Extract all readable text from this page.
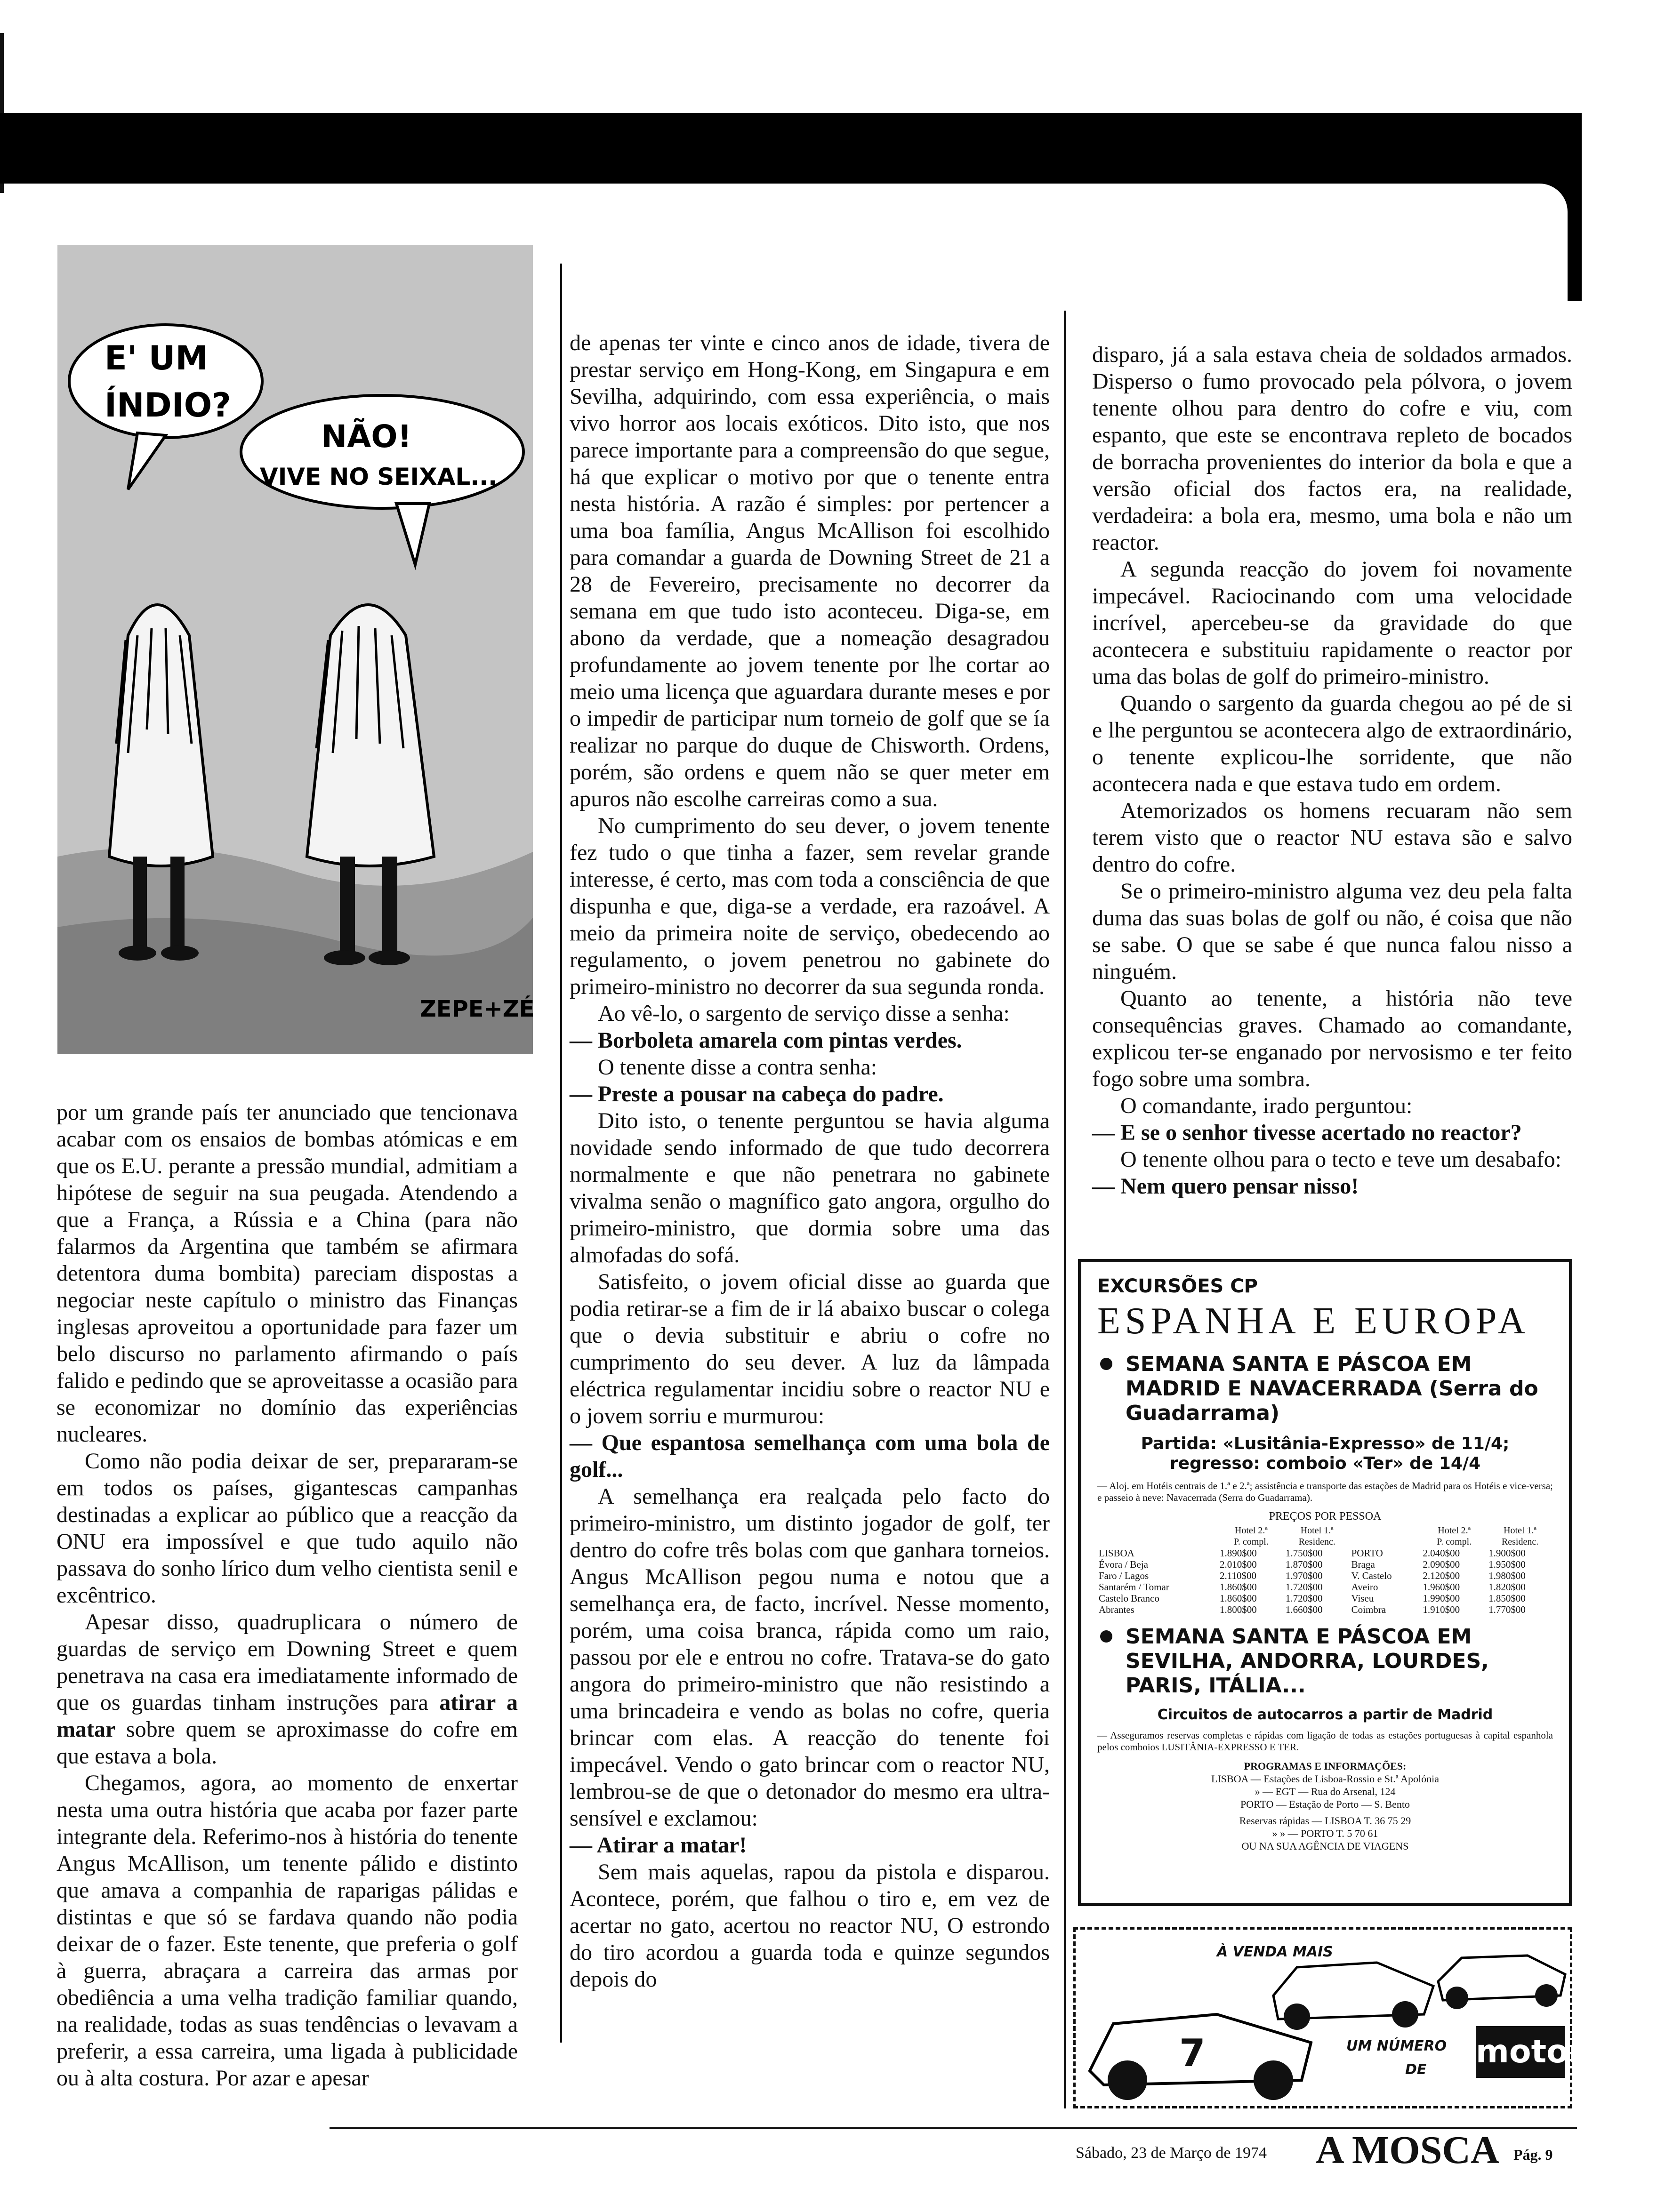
E' UM
ÍNDIO?
NÃO!
VIVE NO SEIXAL...
ZEPE+ZÉ

por um grande país ter anunciado que tencionava acabar com os ensaios de bombas atómicas e em que os E.U. perante a pressão mundial, admitiam a hipótese de seguir na sua peugada. Atendendo a que a França, a Rússia e a China (para não falarmos da Argentina que também se afirmara detentora duma bombita) pareciam dispostas a negociar neste capítulo o ministro das Finanças inglesas aproveitou a oportunidade para fazer um belo discurso no parlamento afirmando o país falido e pedindo que se aproveitasse a ocasião para se economizar no domínio das experiências nucleares.

Como não podia deixar de ser, prepararam-se em todos os países, gigantescas campanhas destinadas a explicar ao público que a reacção da ONU era impossível e que tudo aquilo não passava do sonho lírico dum velho cientista senil e excêntrico.

Apesar disso, quadruplicara o número de guardas de serviço em Downing Street e quem penetrava na casa era imediatamente informado de que os guardas tinham instruções para atirar a matar sobre quem se aproximasse do cofre em que estava a bola.

Chegamos, agora, ao momento de enxertar nesta uma outra história que acaba por fazer parte integrante dela. Referimo-nos à história do tenente Angus McAllison, um tenente pálido e distinto que amava a companhia de raparigas pálidas e distintas e que só se fardava quando não podia deixar de o fazer. Este tenente, que preferia o golf à guerra, abraçara a carreira das armas por obediência a uma velha tradição familiar quando, na realidade, todas as suas tendências o levavam a preferir, a essa carreira, uma ligada à publicidade ou à alta costura. Por azar e apesar

de apenas ter vinte e cinco anos de idade, tivera de prestar serviço em Hong-Kong, em Singapura e em Sevilha, adquirindo, com essa experiência, o mais vivo horror aos locais exóticos. Dito isto, que nos parece importante para a compreensão do que segue, há que explicar o motivo por que o tenente entra nesta história. A razão é simples: por pertencer a uma boa família, Angus McAllison foi escolhido para comandar a guarda de Downing Street de 21 a 28 de Fevereiro, precisamente no decorrer da semana em que tudo isto aconteceu. Diga-se, em abono da verdade, que a nomeação desagradou profundamente ao jovem tenente por lhe cortar ao meio uma licença que aguardara durante meses e por o impedir de participar num torneio de golf que se ía realizar no parque do duque de Chisworth. Ordens, porém, são ordens e quem não se quer meter em apuros não escolhe carreiras como a sua.

No cumprimento do seu dever, o jovem tenente fez tudo o que tinha a fazer, sem revelar grande interesse, é certo, mas com toda a consciência de que dispunha e que, diga-se a verdade, era razoável. A meio da primeira noite de serviço, obedecendo ao regulamento, o jovem penetrou no gabinete do primeiro-ministro no decorrer da sua segunda ronda.

Ao vê-lo, o sargento de serviço disse a senha:

— Borboleta amarela com pintas verdes.

O tenente disse a contra senha:

— Preste a pousar na cabeça do padre.

Dito isto, o tenente perguntou se havia alguma novidade sendo informado de que tudo decorrera normalmente e que não penetrara no gabinete vivalma senão o magnífico gato angora, orgulho do primeiro-ministro, que dormia sobre uma das almofadas do sofá.

Satisfeito, o jovem oficial disse ao guarda que podia retirar-se a fim de ir lá abaixo buscar o colega que o devia substituir e abriu o cofre no cumprimento do seu dever. A luz da lâmpada eléctrica regulamentar incidiu sobre o reactor NU e o jovem sorriu e murmurou:

— Que espantosa semelhança com uma bola de golf...

A semelhança era realçada pelo facto do primeiro-ministro, um distinto jogador de golf, ter dentro do cofre três bolas com que ganhara torneios. Angus McAllison pegou numa e notou que a semelhança era, de facto, incrível. Nesse momento, porém, uma coisa branca, rápida como um raio, passou por ele e entrou no cofre. Tratava-se do gato angora do primeiro-ministro que não resistindo a uma brincadeira e vendo as bolas no cofre, queria brincar com elas. A reacção do tenente foi impecável. Vendo o gato brincar com o reactor NU, lembrou-se de que o detonador do mesmo era ultra-sensível e exclamou:

— Atirar a matar!

Sem mais aquelas, rapou da pistola e disparou. Acontece, porém, que falhou o tiro e, em vez de acertar no gato, acertou no reactor NU, O estrondo do tiro acordou a guarda toda e quinze segundos depois do

disparo, já a sala estava cheia de soldados armados. Disperso o fumo provocado pela pólvora, o jovem tenente olhou para dentro do cofre e viu, com espanto, que este se encontrava repleto de bocados de borracha provenientes do interior da bola e que a versão oficial dos factos era, na realidade, verdadeira: a bola era, mesmo, uma bola e não um reactor.

A segunda reacção do jovem foi novamente impecável. Raciocinando com uma velocidade incrível, apercebeu-se da gravidade do que acontecera e substituiu rapidamente o reactor por uma das bolas de golf do primeiro-ministro.

Quando o sargento da guarda chegou ao pé de si e lhe perguntou se acontecera algo de extraordinário, o tenente explicou-lhe sorridente, que não acontecera nada e que estava tudo em ordem.

Atemorizados os homens recuaram não sem terem visto que o reactor NU estava são e salvo dentro do cofre.

Se o primeiro-ministro alguma vez deu pela falta duma das suas bolas de golf ou não, é coisa que não se sabe. O que se sabe é que nunca falou nisso a ninguém.

Quanto ao tenente, a história não teve consequências graves. Chamado ao comandante, explicou ter-se enganado por nervosismo e ter feito fogo sobre uma sombra.

O comandante, irado perguntou:

— E se o senhor tivesse acertado no reactor?

O tenente olhou para o tecto e teve um desabafo:

— Nem quero pensar nisso!

EXCURSÕES CP
ESPANHA E EUROPA
SEMANA SANTA E PÁSCOA EM MADRID E NAVACERRADA (Serra do Guadarrama)
Partida: «Lusitânia-Expresso» de 11/4;
regresso: comboio «Ter» de 14/4
— Aloj. em Hotéis centrais de 1.ª e 2.ª; assistência e transporte das estações de Madrid para os Hotéis e vice-versa; e passeio à neve: Navacerrada (Serra do Guadarrama).
PREÇOS POR PESSOA
	Hotel 2.ª	Hotel 1.ª		Hotel 2.ª	Hotel 1.ª
	P. compl.	Residenc.		P. compl.	Residenc.
LISBOA	1.890$00	1.750$00	PORTO	2.040$00	1.900$00
Évora / Beja	2.010$00	1.870$00	Braga	2.090$00	1.950$00
Faro / Lagos	2.110$00	1.970$00	V. Castelo	2.120$00	1.980$00
Santarém / Tomar	1.860$00	1.720$00	Aveiro	1.960$00	1.820$00
Castelo Branco	1.860$00	1.720$00	Viseu	1.990$00	1.850$00
Abrantes	1.800$00	1.660$00	Coimbra	1.910$00	1.770$00
SEMANA SANTA E PÁSCOA EM SEVILHA, ANDORRA, LOURDES, PARIS, ITÁLIA...
Circuitos de autocarros a partir de Madrid
— Asseguramos reservas completas e rápidas com ligação de todas as estações portuguesas à capital espanhola pelos comboios LUSITÂNIA-EXPRESSO E TER.
PROGRAMAS E INFORMAÇÕES:
LISBOA — Estações de Lisboa-Rossio e St.ª Apolónia
» — EGT — Rua do Arsenal, 124
PORTO — Estação de Porto — S. Bento
Reservas rápidas — LISBOA T. 36 75 29
» » — PORTO T. 5 70 61
OU NA SUA AGÊNCIA DE VIAGENS
7
À VENDA MAIS
UM NÚMERO
DE motor
Sábado, 23 de Março de 1974 A MOSCA Pág. 9
